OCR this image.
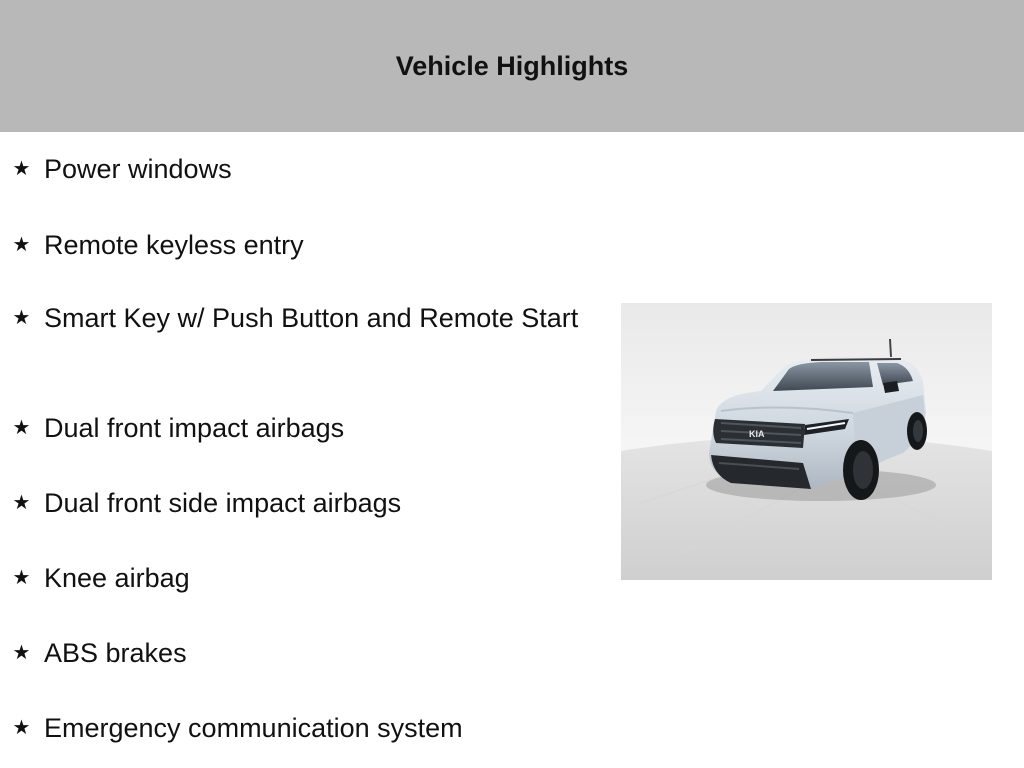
Vehicle Highlights
★ Power windows
★ Remote keyless entry
★ Smart Key w/ Push Button and Remote Start
★ Dual front impact airbags
★ Dual front side impact airbags
★ Knee airbag
★ ABS brakes
★ Emergency communication system
KIA
